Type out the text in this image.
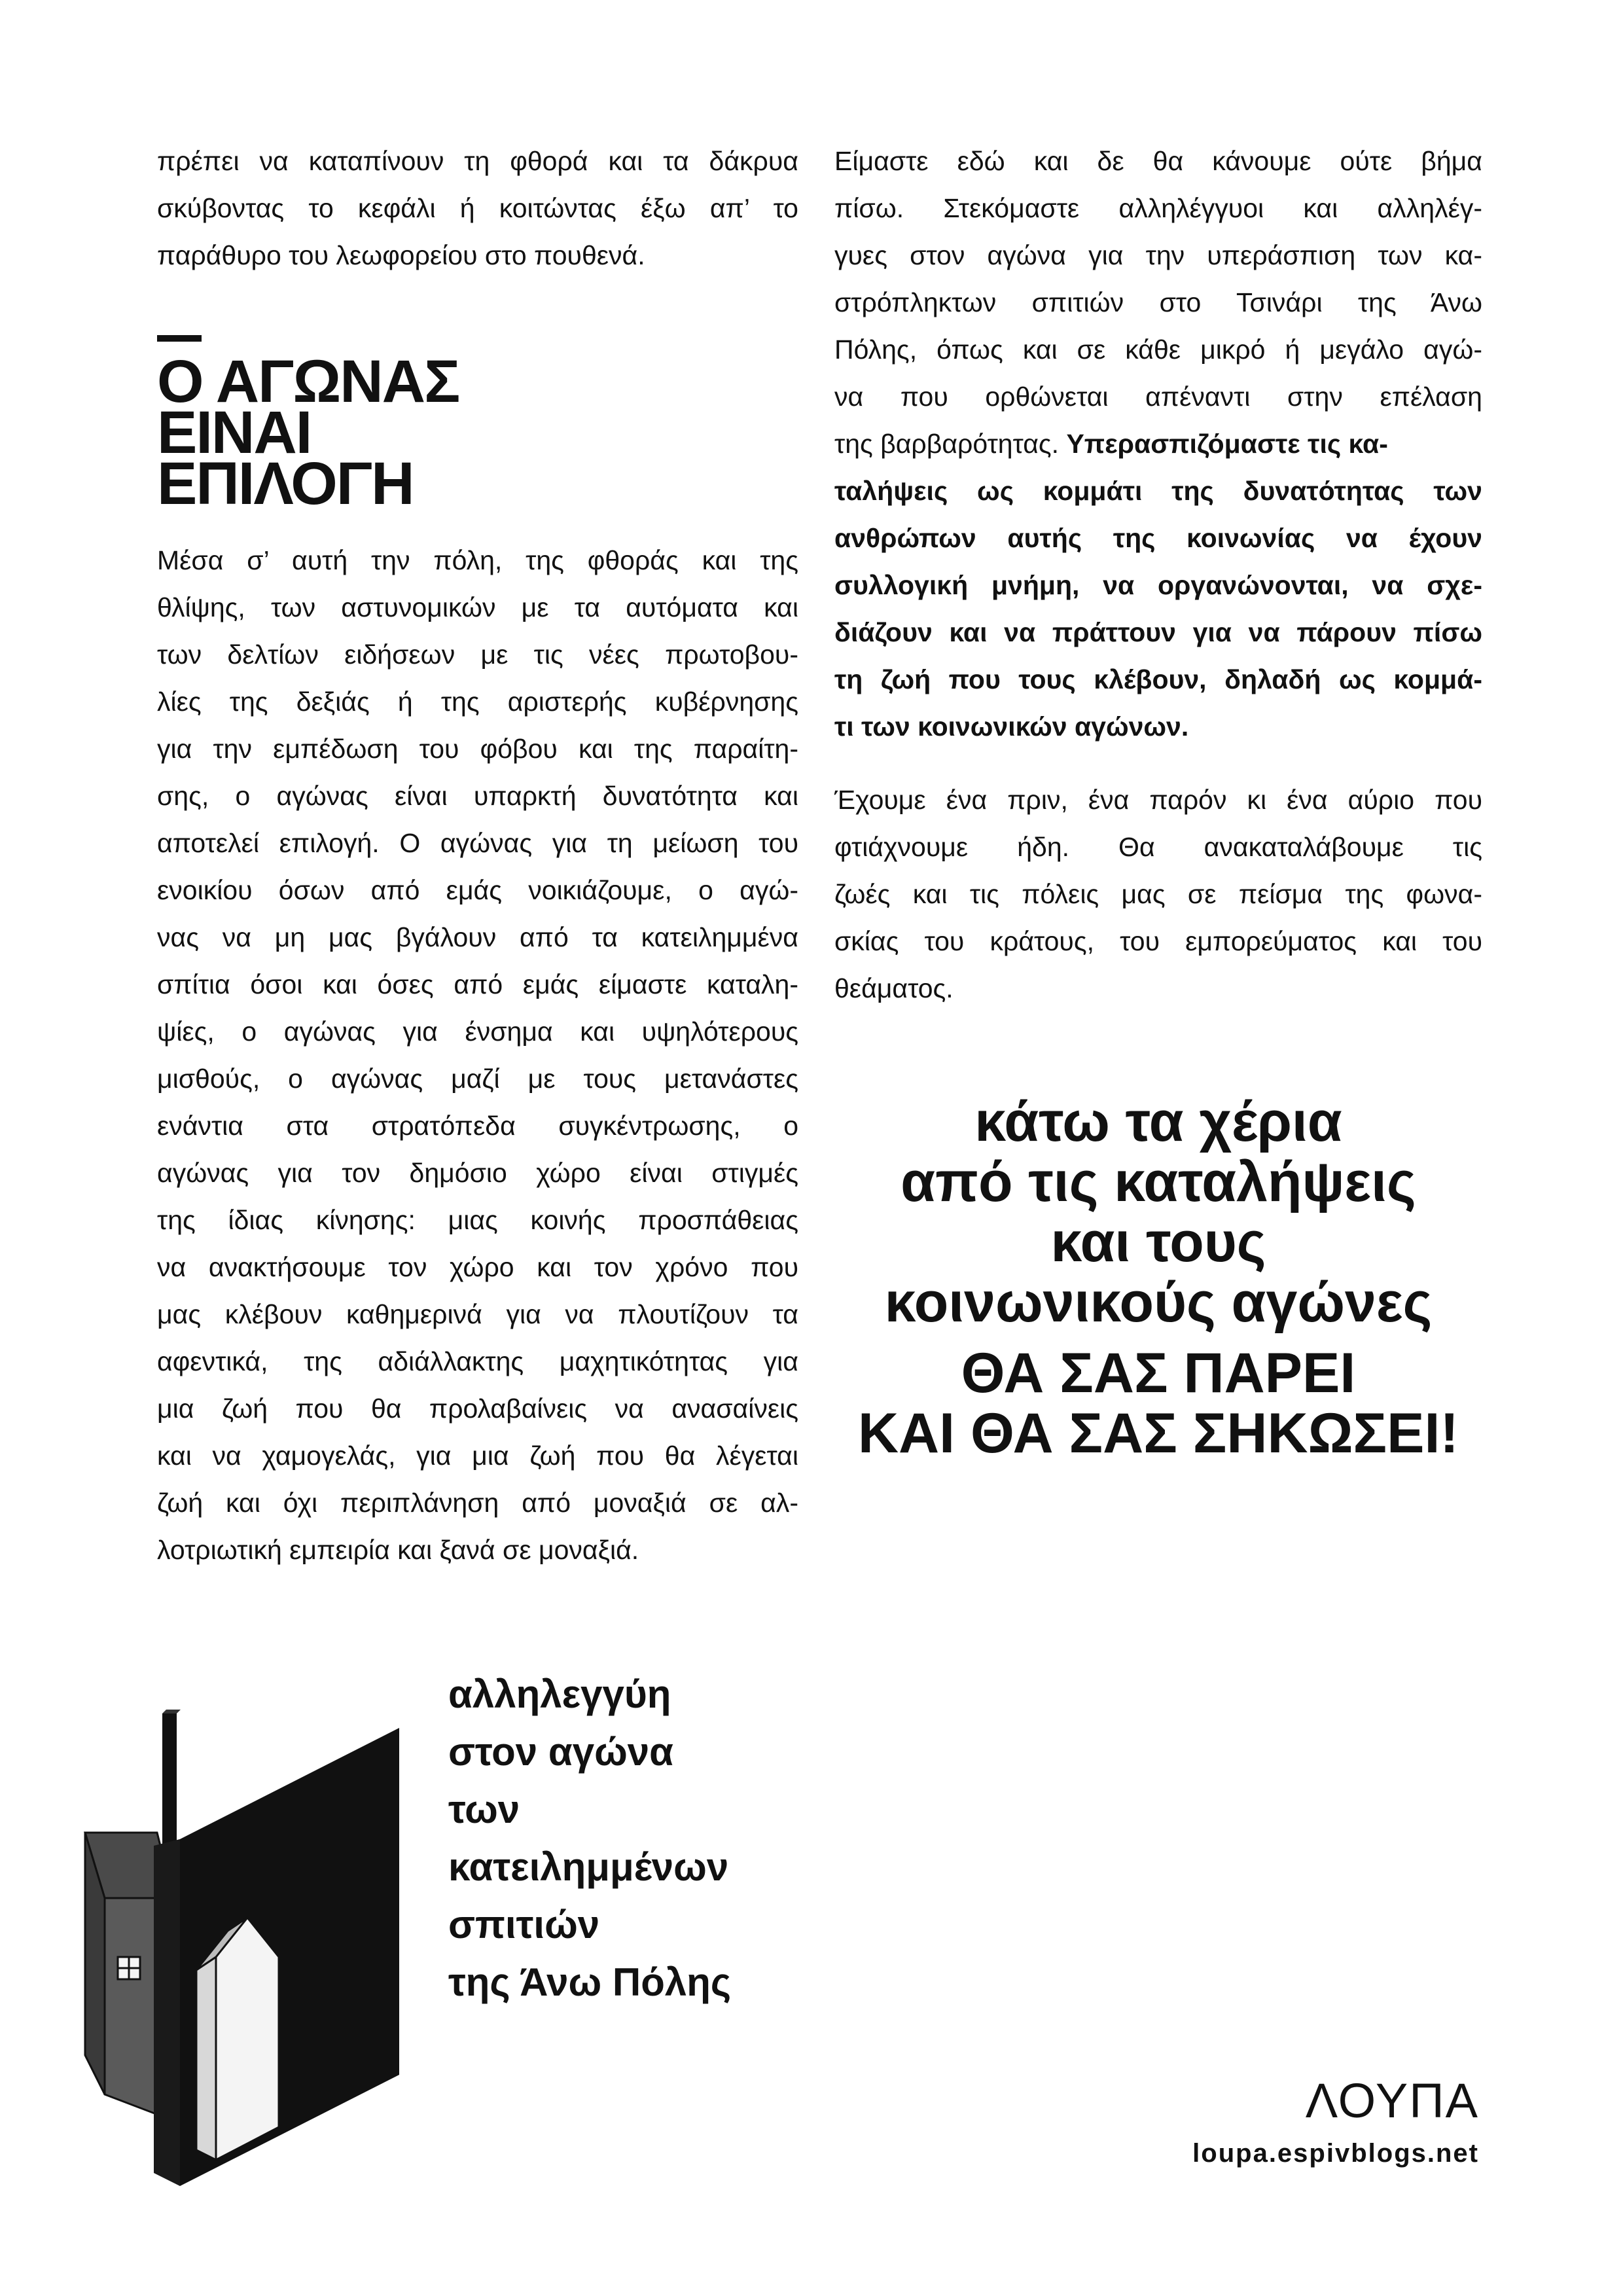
πρέπει να καταπίνουν τη φθορά και τα δάκρυα
σκύβοντας το κεφάλι ή κοιτώντας έξω απ’ το
παράθυρο του λεωφορείου στο πουθενά.

Ο ΑΓΩΝΑΣ
ΕΙΝΑΙ
ΕΠΙΛΟΓΗ

Μέσα σ’ αυτή την πόλη, της φθοράς και της
θλίψης, των αστυνομικών με τα αυτόματα και
των δελτίων ειδήσεων με τις νέες πρωτοβου-
λίες της δεξιάς ή της αριστερής κυβέρνησης
για την εμπέδωση του φόβου και της παραίτη-
σης, ο αγώνας είναι υπαρκτή δυνατότητα και
αποτελεί επιλογή. Ο αγώνας για τη μείωση του
ενοικίου όσων από εμάς νοικιάζουμε, ο αγώ-
νας να μη μας βγάλουν από τα κατειλημμένα
σπίτια όσοι και όσες από εμάς είμαστε καταλη-
ψίες, ο αγώνας για ένσημα και υψηλότερους
μισθούς, ο αγώνας μαζί με τους μετανάστες
ενάντια στα στρατόπεδα συγκέντρωσης, ο
αγώνας για τον δημόσιο χώρο είναι στιγμές
της ίδιας κίνησης: μιας κοινής προσπάθειας
να ανακτήσουμε τον χώρο και τον χρόνο που
μας κλέβουν καθημερινά για να πλουτίζουν τα
αφεντικά, της αδιάλλακτης μαχητικότητας για
μια ζωή που θα προλαβαίνεις να ανασαίνεις
και να χαμογελάς, για μια ζωή που θα λέγεται
ζωή και όχι περιπλάνηση από μοναξιά σε αλ-
λοτριωτική εμπειρία και ξανά σε μοναξιά.

Είμαστε εδώ και δε θα κάνουμε ούτε βήμα
πίσω. Στεκόμαστε αλληλέγγυοι και αλληλέγ-
γυες στον αγώνα για την υπεράσπιση των κα-
στρόπληκτων σπιτιών στο Τσινάρι της Άνω
Πόλης, όπως και σε κάθε μικρό ή μεγάλο αγώ-
να που ορθώνεται απέναντι στην επέλαση
της βαρβαρότητας. Υπερασπιζόμαστε τις κα-
ταλήψεις ως κομμάτι της δυνατότητας των
ανθρώπων αυτής της κοινωνίας να έχουν
συλλογική μνήμη, να οργανώνονται, να σχε-
διάζουν και να πράττουν για να πάρουν πίσω
τη ζωή που τους κλέβουν, δηλαδή ως κομμά-
τι των κοινωνικών αγώνων.

Έχουμε ένα πριν, ένα παρόν κι ένα αύριο που
φτιάχνουμε ήδη. Θα ανακαταλάβουμε τις
ζωές και τις πόλεις μας σε πείσμα της φωνα-
σκίας του κράτους, του εμπορεύματος και του
θεάματος.

κάτω τα χέρια
από τις καταλήψεις
και τους
κοινωνικούς αγώνες
ΘΑ ΣΑΣ ΠΑΡΕΙ
ΚΑΙ ΘΑ ΣΑΣ ΣΗΚΩΣΕΙ!
αλληλεγγύη
στον αγώνα
των
κατειλημμένων
σπιτιών
της Άνω Πόλης
ΛΟΥΠΑ
loupa.espivblogs.net
